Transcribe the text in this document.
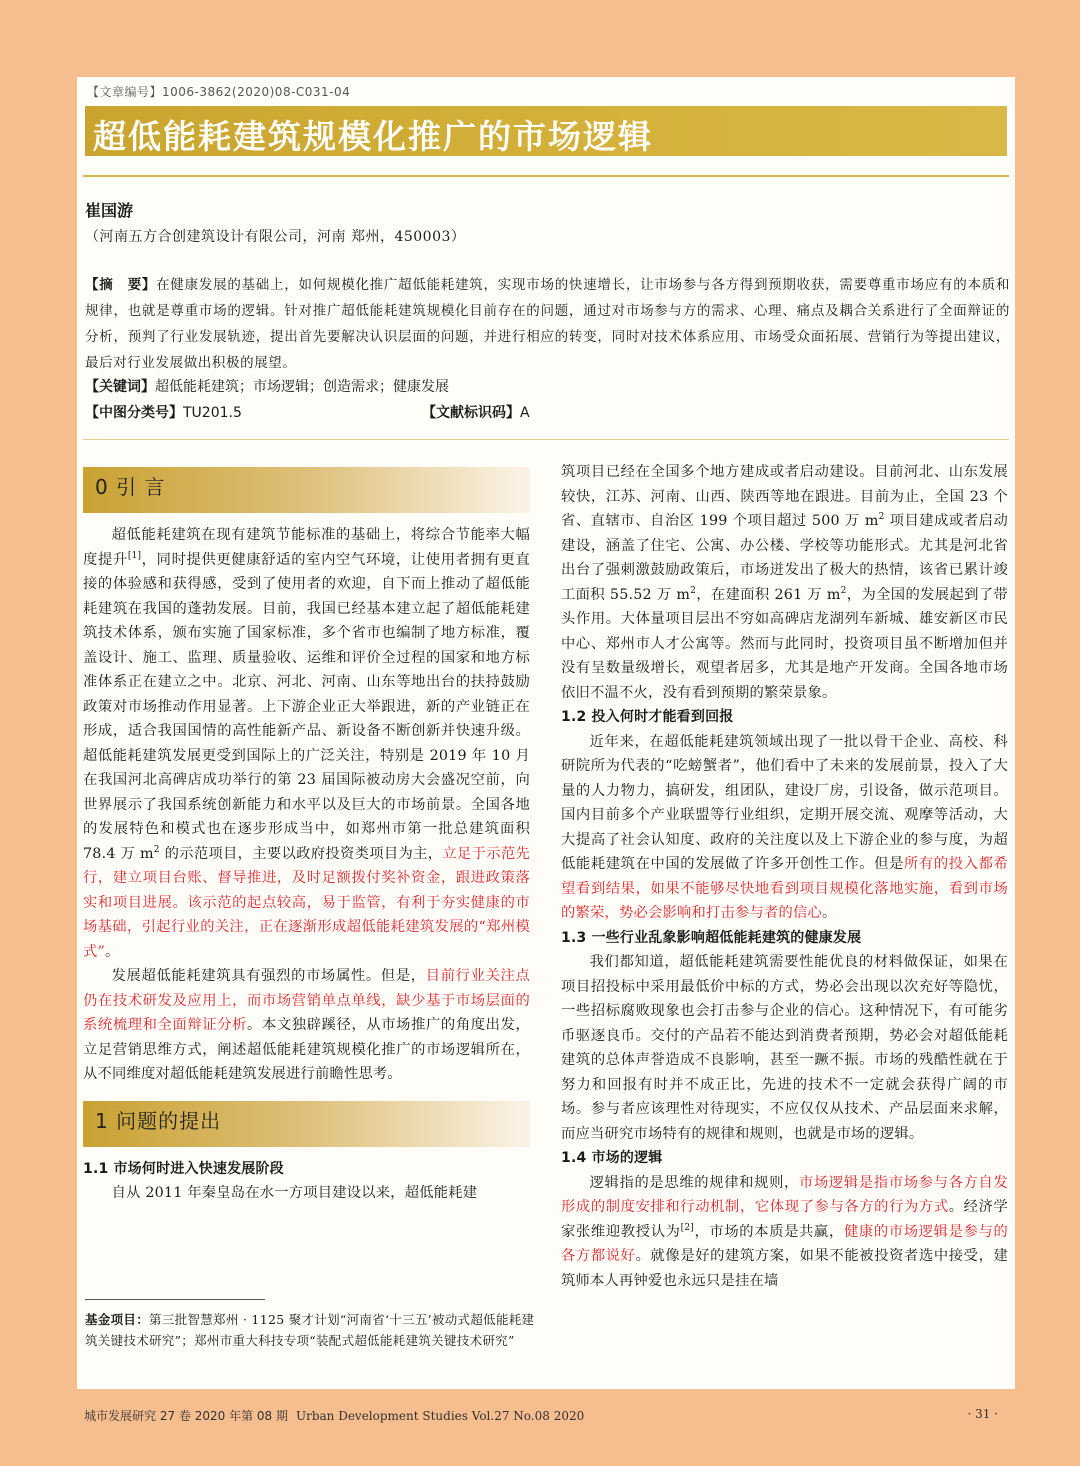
【文章编号】1006-3862(2020)08-C031-04
超低能耗建筑规模化推广的市场逻辑
崔国游
（河南五方合创建筑设计有限公司，河南 郑州，450003）
【摘　要】在健康发展的基础上，如何规模化推广超低能耗建筑，实现市场的快速增长，让市场参与各方得到预期收获，需要尊重市场应有的本质和规律，也就是尊重市场的逻辑。针对推广超低能耗建筑规模化目前存在的问题，通过对市场参与方的需求、心理、痛点及耦合关系进行了全面辩证的分析，预判了行业发展轨迹，提出首先要解决认识层面的问题，并进行相应的转变，同时对技术体系应用、市场受众面拓展、营销行为等提出建议，最后对行业发展做出积极的展望。
【关键词】超低能耗建筑；市场逻辑；创造需求；健康发展
【中图分类号】TU201.5	【文献标识码】A
0 引 言

超低能耗建筑在现有建筑节能标准的基础上，将综合节能率大幅度提升[1]，同时提供更健康舒适的室内空气环境，让使用者拥有更直接的体验感和获得感，受到了使用者的欢迎，自下而上推动了超低能耗建筑在我国的蓬勃发展。目前，我国已经基本建立起了超低能耗建筑技术体系，颁布实施了国家标准，多个省市也编制了地方标准，覆盖设计、施工、监理、质量验收、运维和评价全过程的国家和地方标准体系正在建立之中。北京、河北、河南、山东等地出台的扶持鼓励政策对市场推动作用显著。上下游企业正大举跟进，新的产业链正在形成，适合我国国情的高性能新产品、新设备不断创新并快速升级。超低能耗建筑发展更受到国际上的广泛关注，特别是 2019 年 10 月在我国河北高碑店成功举行的第 23 届国际被动房大会盛况空前，向世界展示了我国系统创新能力和水平以及巨大的市场前景。全国各地的发展特色和模式也在逐步形成当中，如郑州市第一批总建筑面积 78.4 万 $m^2$ 的示范项目，主要以政府投资类项目为主，立足于示范先行，建立项目台账、督导推进，及时足额拨付奖补资金，跟进政策落实和项目进展。该示范的起点较高，易于监管，有利于夯实健康的市场基础，引起行业的关注，正在逐渐形成超低能耗建筑发展的“郑州模式”。

发展超低能耗建筑具有强烈的市场属性。但是，目前行业关注点仍在技术研发及应用上，而市场营销单点单线，缺少基于市场层面的系统梳理和全面辩证分析。本文独辟蹊径，从市场推广的角度出发，立足营销思维方式，阐述超低能耗建筑规模化推广的市场逻辑所在，从不同维度对超低能耗建筑发展进行前瞻性思考。

1 问题的提出

1.1 市场何时进入快速发展阶段

自从 2011 年秦皇岛在水一方项目建设以来，超低能耗建

基金项目：第三批智慧郑州 · 1125 聚才计划“河南省‘十三五’被动式超低能耗建筑关键技术研究”；郑州市重大科技专项“装配式超低能耗建筑关键技术研究”

筑项目已经在全国多个地方建成或者启动建设。目前河北、山东发展较快，江苏、河南、山西、陕西等地在跟进。目前为止，全国 23 个省、直辖市、自治区 199 个项目超过 500 万 $m^2$ 项目建成或者启动建设，涵盖了住宅、公寓、办公楼、学校等功能形式。尤其是河北省出台了强刺激鼓励政策后，市场迸发出了极大的热情，该省已累计竣工面积 55.52 万 $m^2$，在建面积 261 万 $m^2$，为全国的发展起到了带头作用。大体量项目层出不穷如高碑店龙湖列车新城、雄安新区市民中心、郑州市人才公寓等。然而与此同时，投资项目虽不断增加但并没有呈数量级增长，观望者居多，尤其是地产开发商。全国各地市场依旧不温不火，没有看到预期的繁荣景象。

1.2 投入何时才能看到回报

近年来，在超低能耗建筑领域出现了一批以骨干企业、高校、科研院所为代表的“吃螃蟹者”，他们看中了未来的发展前景，投入了大量的人力物力，搞研发，组团队，建设厂房，引设备，做示范项目。国内目前多个产业联盟等行业组织，定期开展交流、观摩等活动，大大提高了社会认知度、政府的关注度以及上下游企业的参与度，为超低能耗建筑在中国的发展做了许多开创性工作。但是所有的投入都希望看到结果，如果不能够尽快地看到项目规模化落地实施，看到市场的繁荣，势必会影响和打击参与者的信心。

1.3 一些行业乱象影响超低能耗建筑的健康发展

我们都知道，超低能耗建筑需要性能优良的材料做保证，如果在项目招投标中采用最低价中标的方式，势必会出现以次充好等隐忧，一些招标腐败现象也会打击参与企业的信心。这种情况下，有可能劣币驱逐良币。交付的产品若不能达到消费者预期，势必会对超低能耗建筑的总体声誉造成不良影响，甚至一蹶不振。市场的残酷性就在于努力和回报有时并不成正比，先进的技术不一定就会获得广阔的市场。参与者应该理性对待现实，不应仅仅从技术、产品层面来求解，而应当研究市场特有的规律和规则，也就是市场的逻辑。

1.4 市场的逻辑

逻辑指的是思维的规律和规则，市场逻辑是指市场参与各方自发形成的制度安排和行动机制，它体现了参与各方的行为方式。经济学家张维迎教授认为[2]，市场的本质是共赢，健康的市场逻辑是参与的各方都说好。就像是好的建筑方案，如果不能被投资者选中接受，建筑师本人再钟爱也永远只是挂在墙

城市发展研究 27 卷 2020 年第 08 期 Urban Development Studies Vol.27 No.08 2020	· 31 ·
